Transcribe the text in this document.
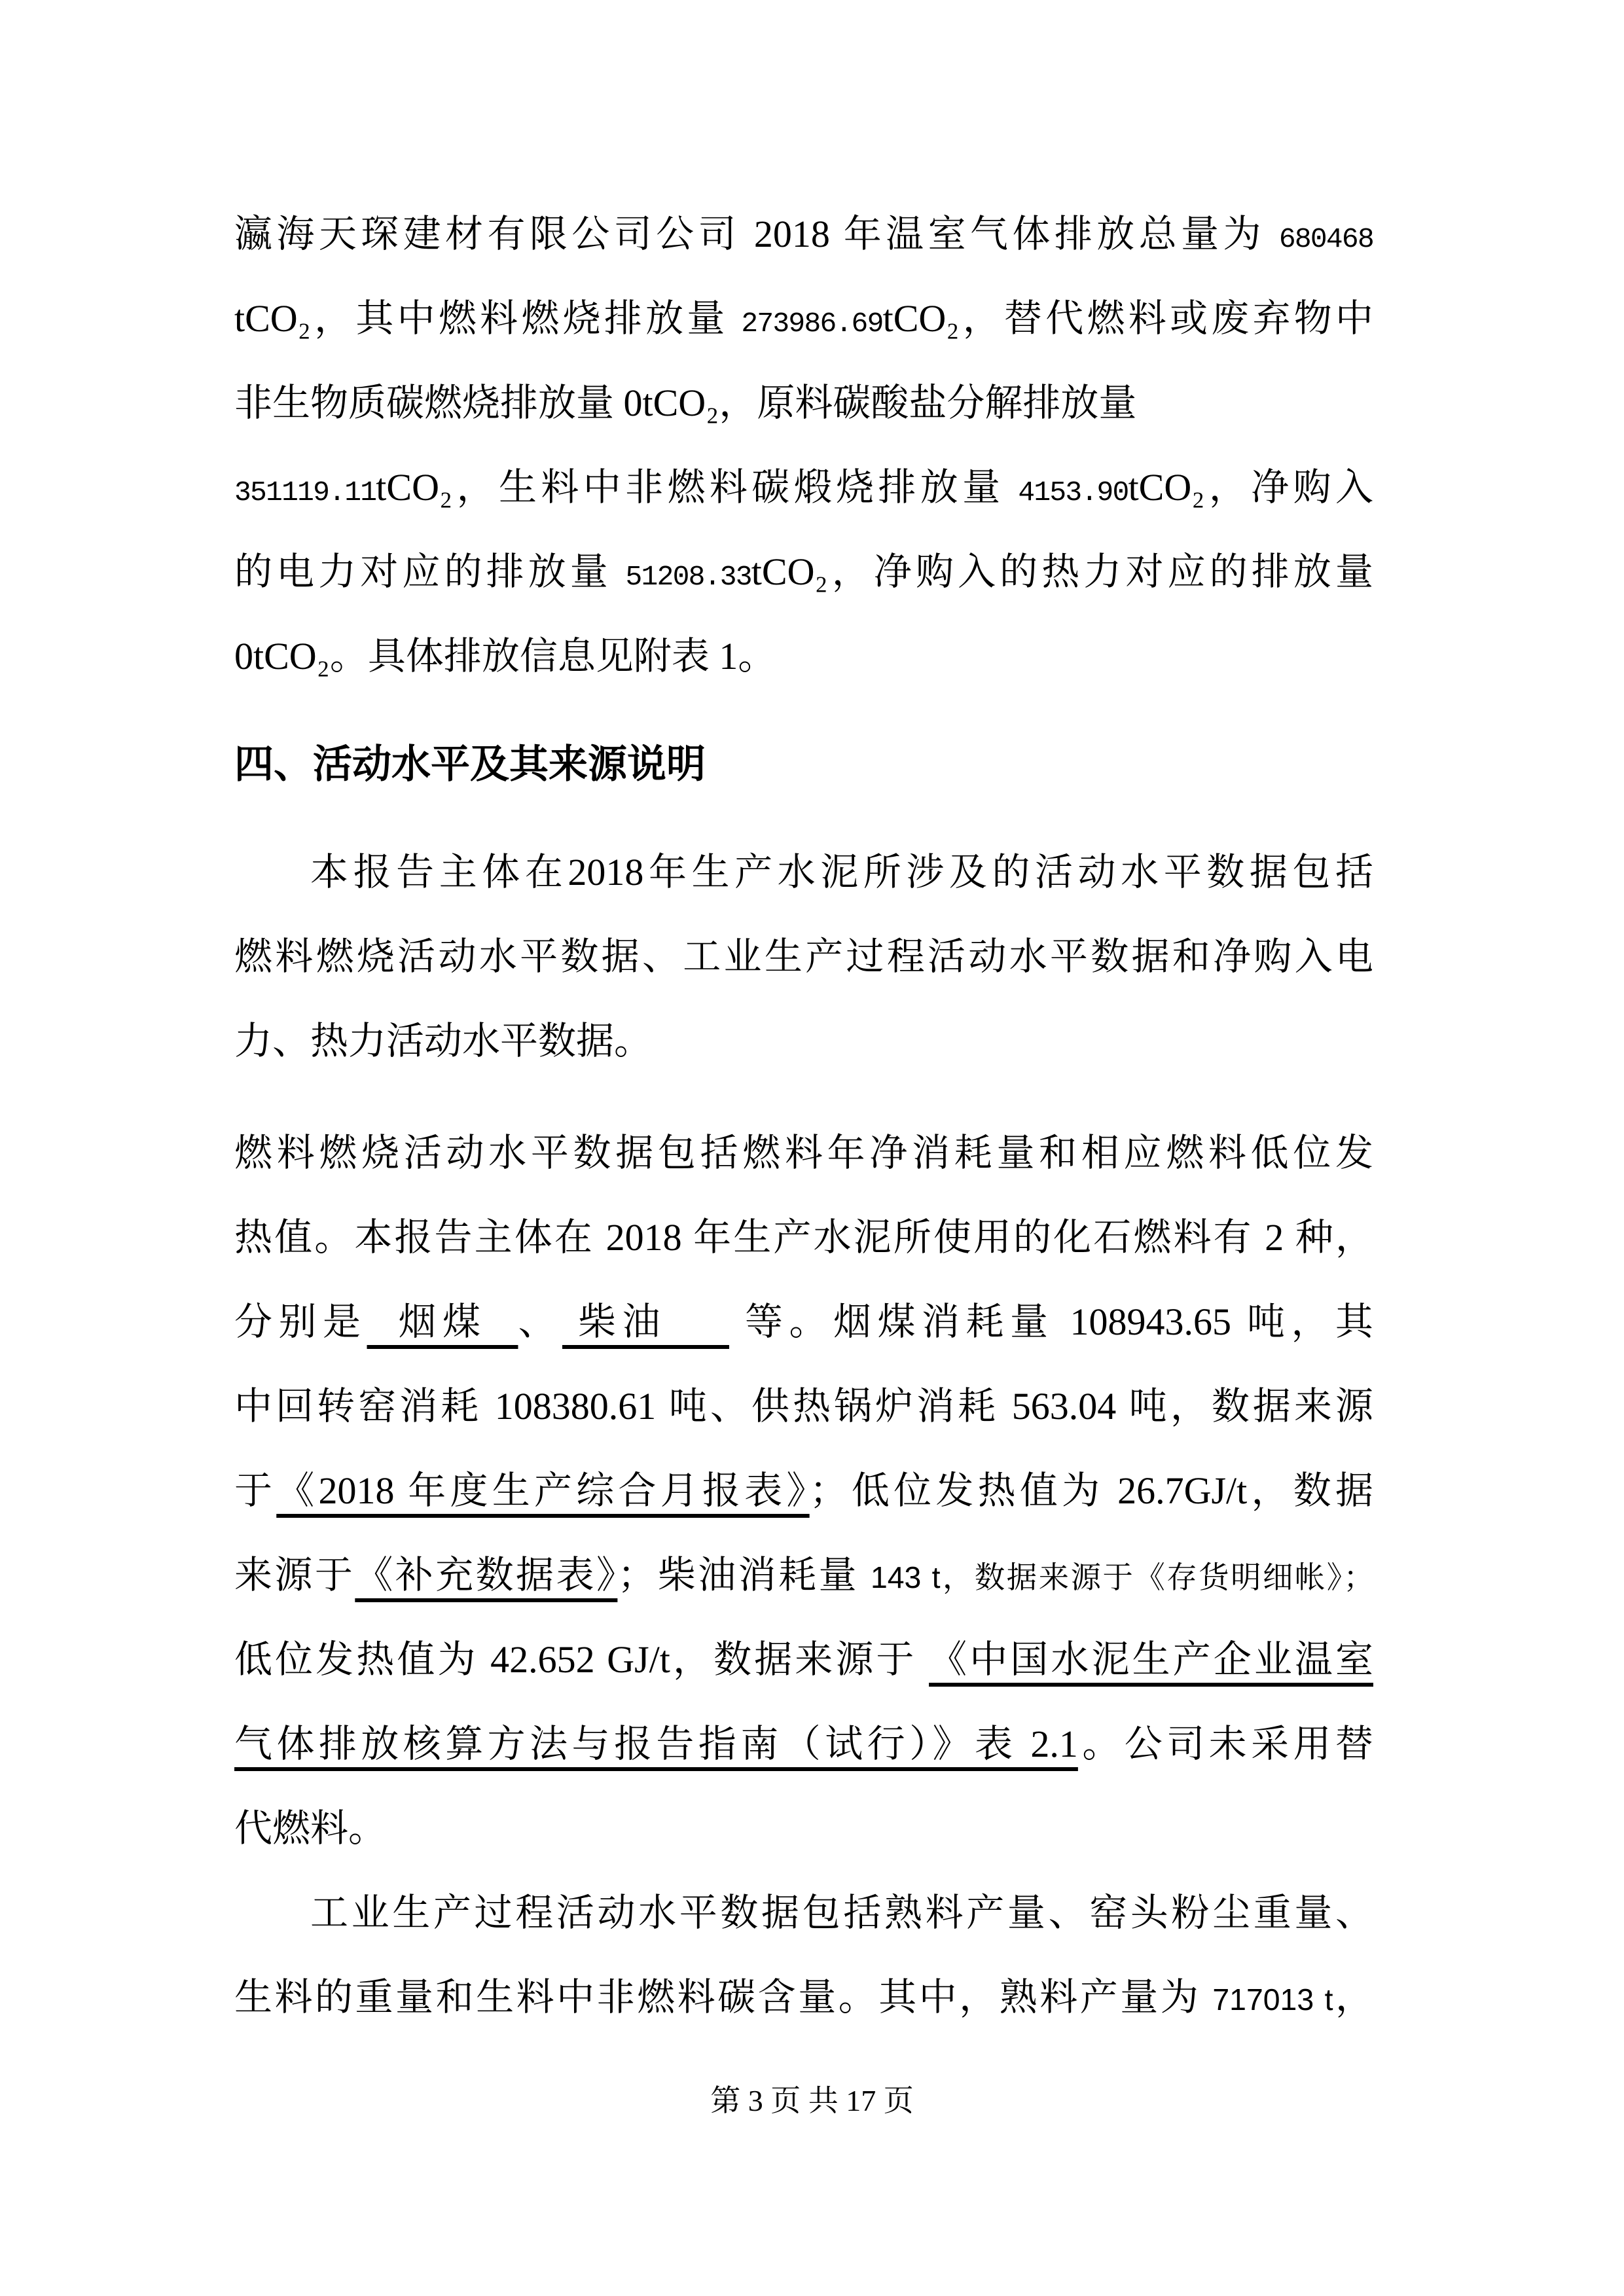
瀛海天琛建材有限公司公司 2018 年温室气体排放总量为 680468
tCO₂，其中燃料燃烧排放量 273986.69tCO₂，替代燃料或废弃物中
非生物质碳燃烧排放量 0tCO₂，原料碳酸盐分解排放量
351119.11tCO₂，生料中非燃料碳煅烧排放量 4153.90tCO₂，净购入
的电力对应的排放量 51208.33tCO₂，净购入的热力对应的排放量
0tCO₂。具体排放信息见附表 1。
四、活动水平及其来源说明
本报告主体在2018年生产水泥所涉及的活动水平数据包括
燃料燃烧活动水平数据、工业生产过程活动水平数据和净购入电
力、热力活动水平数据。
燃料燃烧活动水平数据包括燃料年净消耗量和相应燃料低位发
热值。本报告主体在 2018 年生产水泥所使用的化石燃料有 2 种，
分别是  烟煤  、 柴油     等。烟煤消耗量 108943.65 吨，其
中回转窑消耗 108380.61 吨、供热锅炉消耗 563.04 吨，数据来源
于《2018 年度生产综合月报表》；低位发热值为 26.7GJ/t，数据
来源于《补充数据表》；柴油消耗量 143 t，数据来源于《存货明细帐》；
低位发热值为 42.652 GJ/t，数据来源于 《中国水泥生产企业温室
气体排放核算方法与报告指南（试行）》表 2.1。公司未采用替
代燃料。
工业生产过程活动水平数据包括熟料产量、窑头粉尘重量、
生料的重量和生料中非燃料碳含量。其中，熟料产量为 717013 t，
第 3 页 共 17 页
